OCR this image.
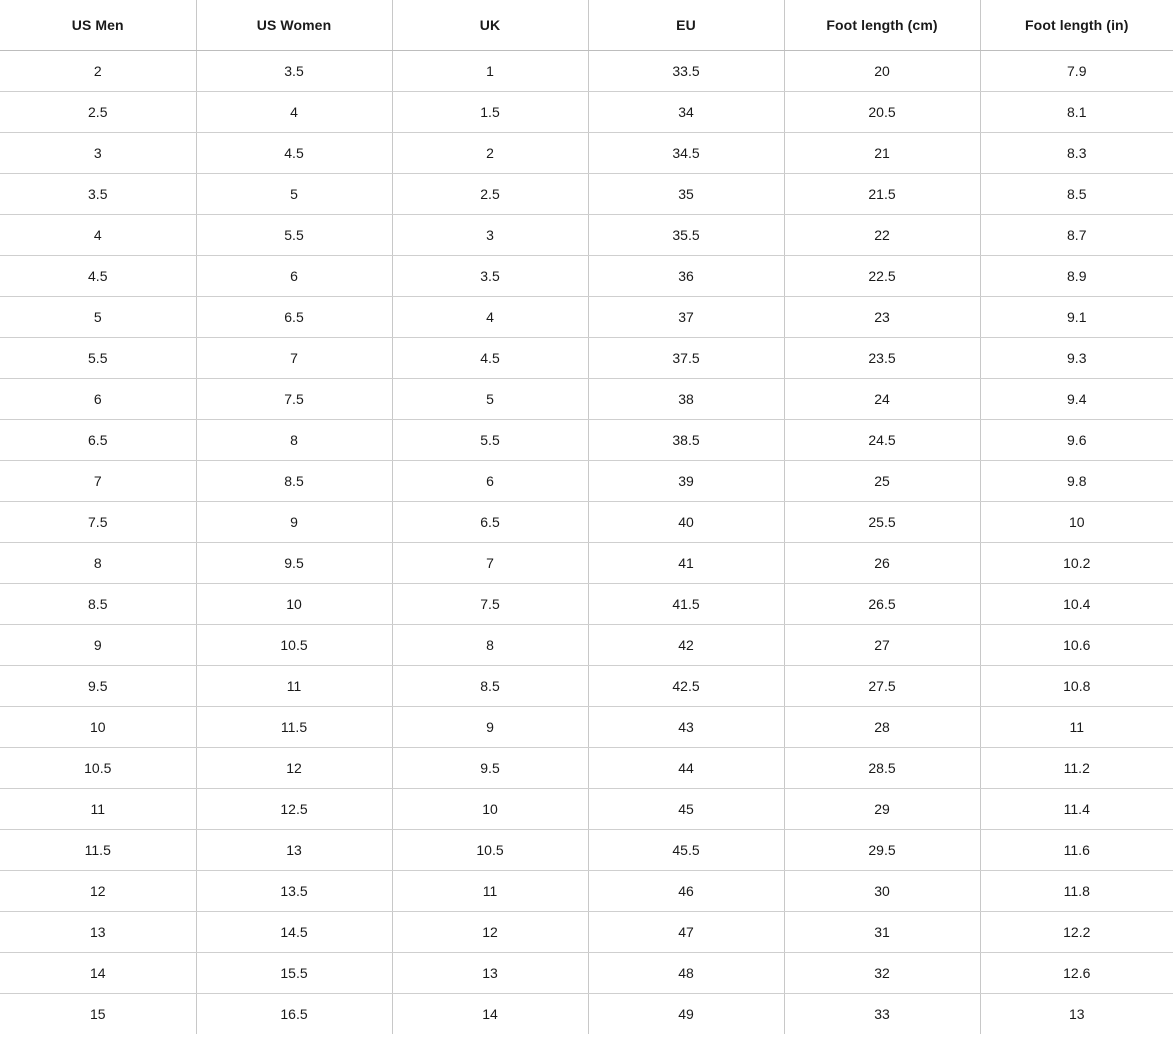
US Men	US Women	UK	EU	Foot length (cm)	Foot length (in)
2	3.5	1	33.5	20	7.9
2.5	4	1.5	34	20.5	8.1
3	4.5	2	34.5	21	8.3
3.5	5	2.5	35	21.5	8.5
4	5.5	3	35.5	22	8.7
4.5	6	3.5	36	22.5	8.9
5	6.5	4	37	23	9.1
5.5	7	4.5	37.5	23.5	9.3
6	7.5	5	38	24	9.4
6.5	8	5.5	38.5	24.5	9.6
7	8.5	6	39	25	9.8
7.5	9	6.5	40	25.5	10
8	9.5	7	41	26	10.2
8.5	10	7.5	41.5	26.5	10.4
9	10.5	8	42	27	10.6
9.5	11	8.5	42.5	27.5	10.8
10	11.5	9	43	28	11
10.5	12	9.5	44	28.5	11.2
11	12.5	10	45	29	11.4
11.5	13	10.5	45.5	29.5	11.6
12	13.5	11	46	30	11.8
13	14.5	12	47	31	12.2
14	15.5	13	48	32	12.6
15	16.5	14	49	33	13
